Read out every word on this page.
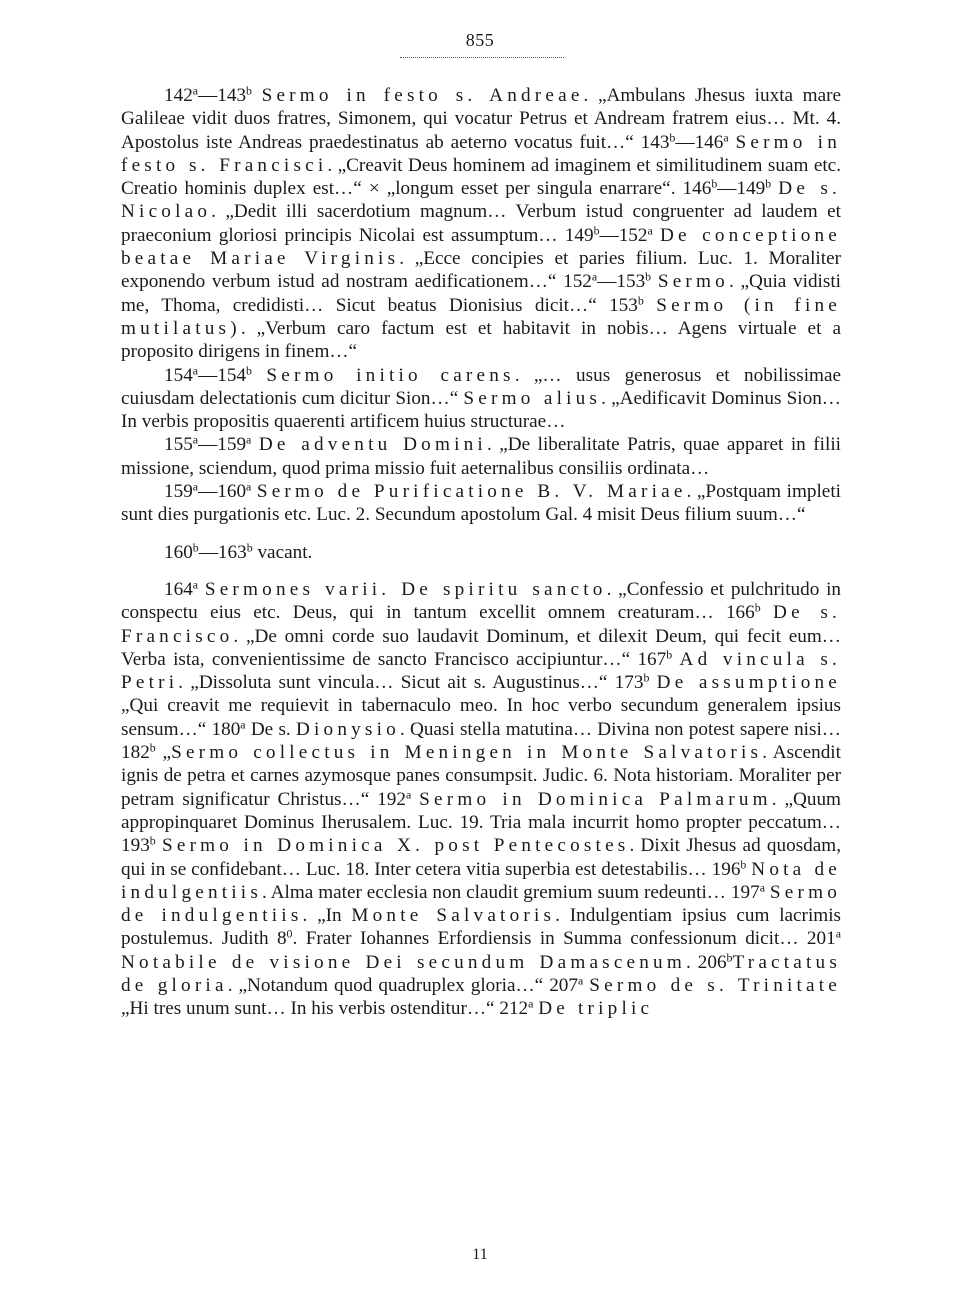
855

142$^a$—143$^b$ Sermo in festo s. Andreae. „Ambulans Jhesus iuxta mare Galileae vidit duos fratres, Simonem, qui vocatur Petrus et Andream fratrem eius… Mt. 4. Apostolus iste Andreas praedestinatus ab aeterno vocatus fuit…“ 143$^b$—146$^a$ Sermo in festo s. Francisci. „Creavit Deus hominem ad imaginem et similitudinem suam etc. Creatio hominis duplex est…“ × „longum esset per singula enarrare“. 146$^b$—149$^b$ De s. Nicolao. „Dedit illi sacerdotium magnum… Verbum istud congruenter ad laudem et praeconium gloriosi principis Nicolai est assumptum… 149$^b$—152$^a$ De conceptione beatae Mariae Virginis. „Ecce concipies et paries filium. Luc. 1. Moraliter exponendo verbum istud ad nostram aedificationem…“ 152$^a$—153$^b$ Sermo. „Quia vidisti me, Thoma, credidisti… Sicut beatus Dionisius dicit…“ 153$^b$ Sermo (in fine mutilatus). „Verbum caro factum est et habitavit in nobis… Agens virtuale et a proposito dirigens in finem…“

154$^a$—154$^b$ Sermo initio carens. „… usus generosus et nobilissimae cuiusdam delectationis cum dicitur Sion…“ Sermo alius. „Aedificavit Dominus Sion… In verbis propositis quaerenti artificem huius structurae…

155$^a$—159$^a$ De adventu Domini. „De liberalitate Patris, quae apparet in filii missione, sciendum, quod prima missio fuit aeternalibus consiliis ordinata…

159$^a$—160$^a$ Sermo de Purificatione B. V. Mariae. „Postquam impleti sunt dies purgationis etc. Luc. 2. Secundum apostolum Gal. 4 misit Deus filium suum…“

160$^b$—163$^b$ vacant.

164$^a$ Sermones varii. De spiritu sancto. „Confessio et pulchritudo in conspectu eius etc. Deus, qui in tantum excellit omnem creaturam… 166$^b$ De s. Francisco. „De omni corde suo laudavit Dominum, et dilexit Deum, qui fecit eum… Verba ista, convenientissime de sancto Francisco accipiuntur…“ 167$^b$ Ad vincula s. Petri. „Dissoluta sunt vincula… Sicut ait s. Augustinus…“ 173$^b$ De assumptione „Qui creavit me requievit in tabernaculo meo. In hoc verbo secundum generalem ipsius sensum…“ 180$^a$ De s. Dionysio. Quasi stella matutina… Divina non potest sapere nisi… 182$^b$ „Sermo collectus in Meningen in Monte Salvatoris. Ascendit ignis de petra et carnes azymosque panes consumpsit. Judic. 6. Nota historiam. Moraliter per petram significatur Christus…“ 192$^a$ Sermo in Dominica Palmarum. „Quum appropinquaret Dominus Iherusalem. Luc. 19. Tria mala incurrit homo propter peccatum… 193$^b$ Sermo in Dominica X. post Pentecostes. Dixit Jhesus ad quosdam, qui in se confidebant… Luc. 18. Inter cetera vitia superbia est detestabilis… 196$^b$ Nota de indulgentiis. Alma mater ecclesia non claudit gremium suum redeunti… 197$^a$ Sermo de indulgentiis. „In Monte Salvatoris. Indulgentiam ipsius cum lacrimis postulemus. Judith $8^0$. Frater Iohannes Erfordiensis in Summa confessionum dicit… 201$^a$ Notabile de visione Dei secundum Damascenum. 206$^b$Tractatus de gloria. „Notandum quod quadruplex gloria…“ 207$^a$ Sermo de s. Trinitate „Hi tres unum sunt… In his verbis ostenditur…“ 212$^a$ De triplic

11
